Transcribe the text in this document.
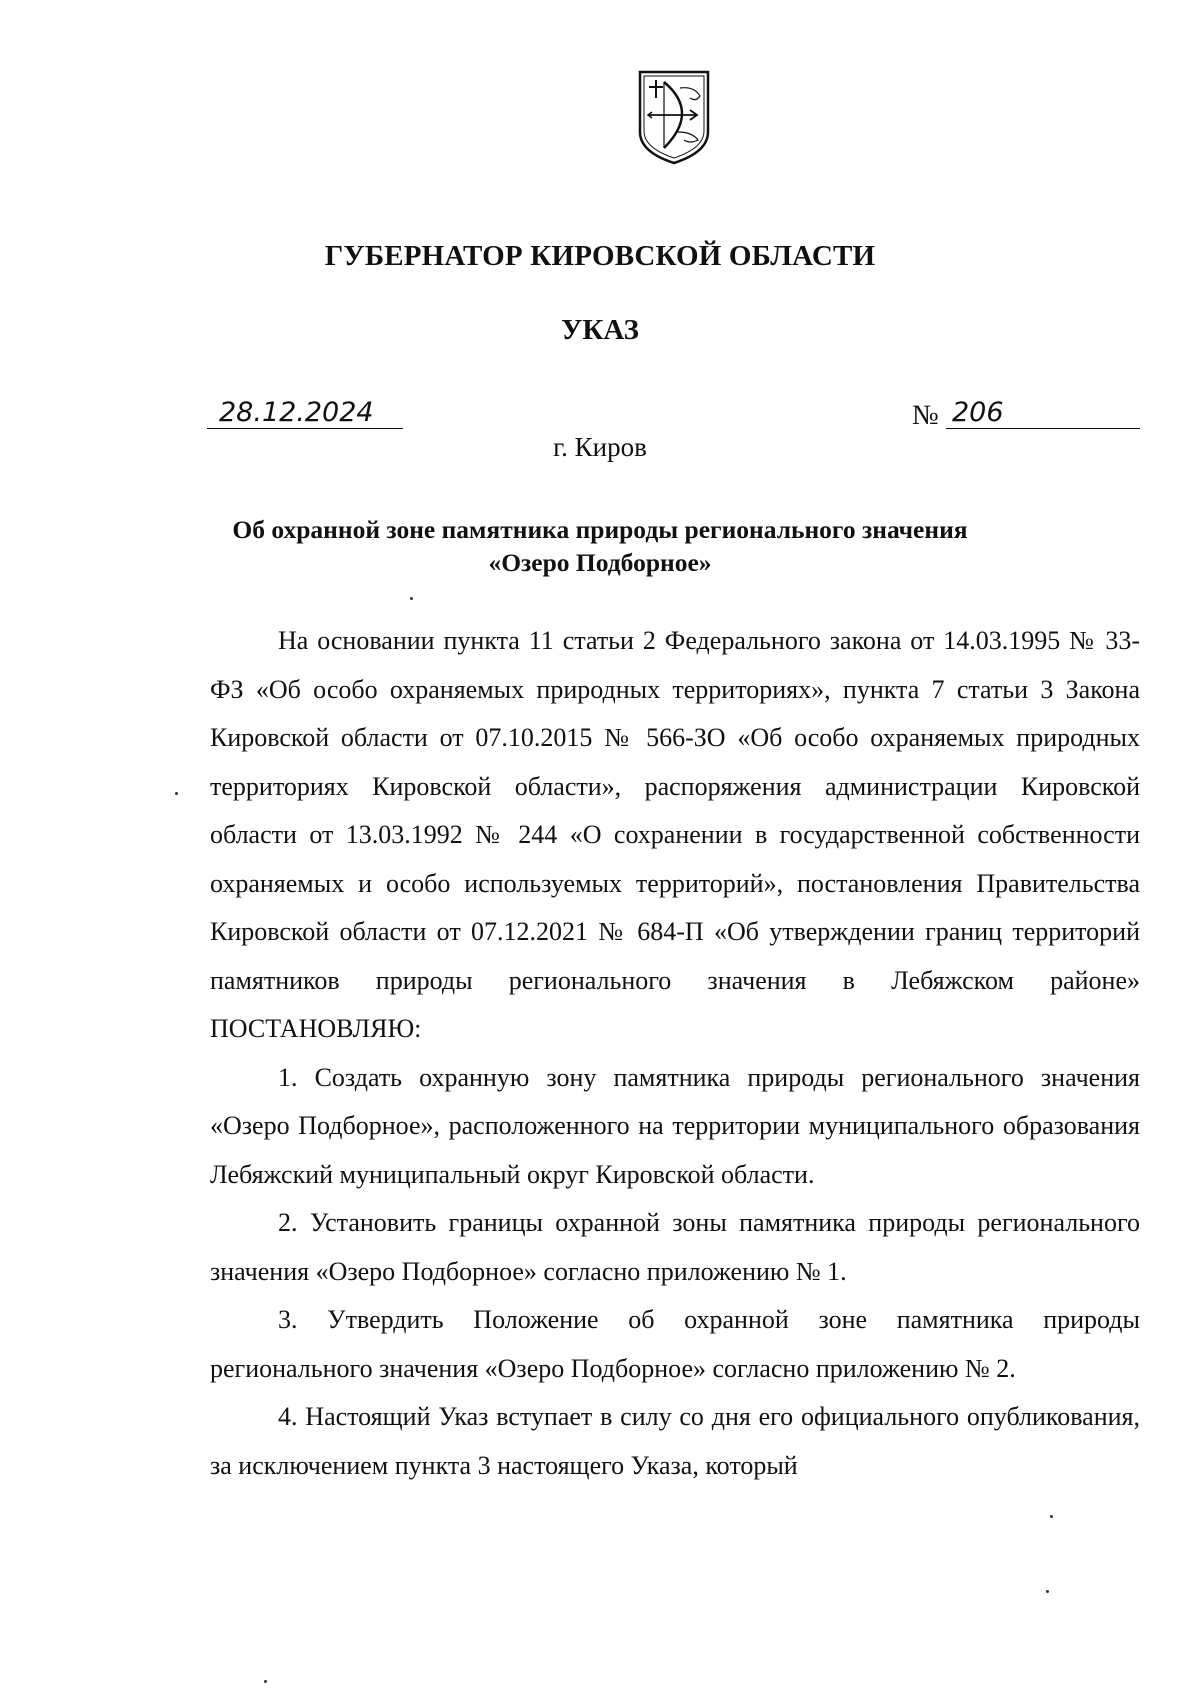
ГУБЕРНАТОР КИРОВСКОЙ ОБЛАСТИ
УКАЗ
28.12.2024	№ 206

г. Киров

Об охранной зоне памятника природы регионального значения
«Озеро Подборное»

На основании пункта 11 статьи 2 Федерального закона от 14.03.1995 № 33-ФЗ «Об особо охраняемых природных территориях», пункта 7 статьи 3 Закона Кировской области от 07.10.2015 № 566-ЗО «Об особо охраняемых природных территориях Кировской области», распоряжения администрации Кировской области от 13.03.1992 № 244 «О сохранении в государственной собственности охраняемых и особо используемых территорий», постановления Правительства Кировской области от 07.12.2021 № 684-П «Об утверждении границ территорий памятников природы регионального значения в Лебяжском районе» ПОСТАНОВЛЯЮ:

1. Создать охранную зону памятника природы регионального значения «Озеро Подборное», расположенного на территории муниципального образования Лебяжский муниципальный округ Кировской области.

2. Установить границы охранной зоны памятника природы регионального значения «Озеро Подборное» согласно приложению № 1.

3. Утвердить Положение об охранной зоне памятника природы регионального значения «Озеро Подборное» согласно приложению № 2.

4. Настоящий Указ вступает в силу со дня его официального опубликования, за исключением пункта 3 настоящего Указа, который
